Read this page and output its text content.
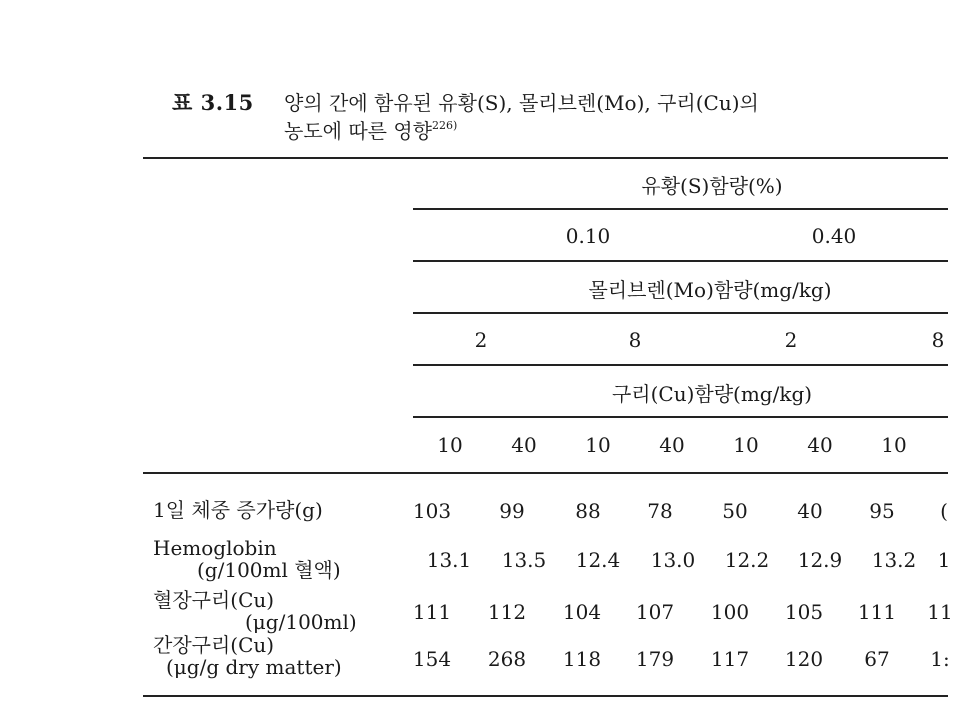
표 3.15 양의 간에 함유된 유황(S), 몰리브렌(Mo), 구리(Cu)의
농도에 따른 영향$^{226)}$
유황(S)함량(%)
0.10	0.40
몰리브렌(Mo)함량(mg/kg)
2	8	2	8
구리(Cu)함량(mg/kg)
10 40 10 40 10 40 10
1일 체중 증가량(g)	103 99	88 78 50 40 95 (
Hemoglobin
(g/100ml 혈액)	13.1 13.5 12.4 13.0 12.2 12.9 13.2 1
혈장구리(Cu)
(μg/100ml)	111 112 104 107 100 105 111 11
간장구리(Cu)
(μg/g dry matter)	154 268 118 179 117 120 67 1:
